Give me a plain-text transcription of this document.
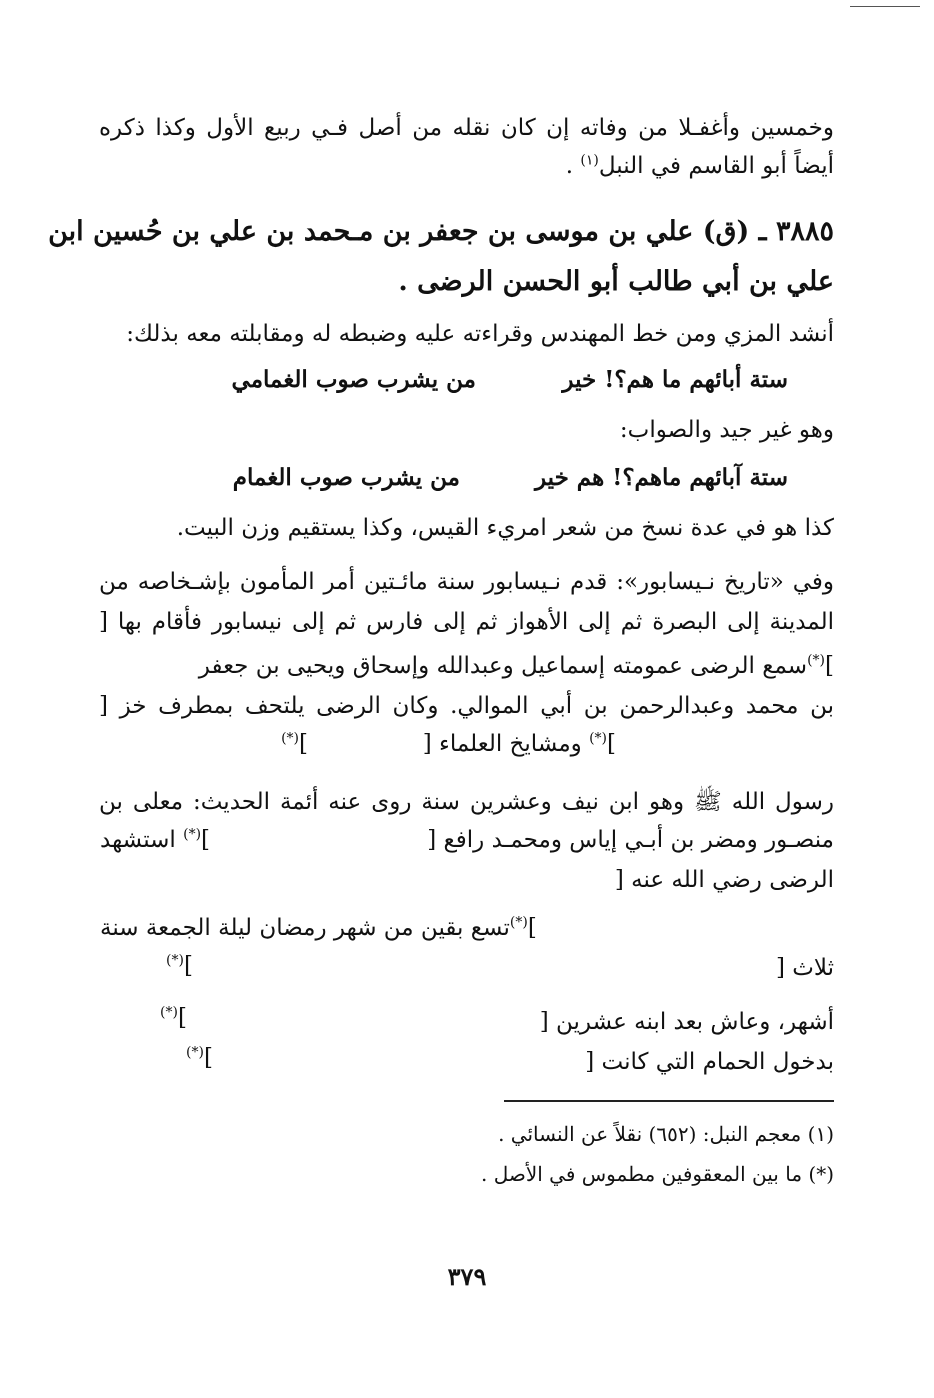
وخمسين وأغفـلا من وفاته إن كان نقله من أصل فـي ربيع الأول وكذا ذكره
أيضاً أبو القاسم في النبل$^{(١)}$ .
٣٨٨٥ ـ (ق) علي بن موسى بن جعفر بن مـحمد بن علي بن حُسين ابن
علي بن أبي طالب أبو الحسن الرضى .
أنشد المزي ومن خط المهندس وقراءته عليه وضبطه له ومقابلته معه بذلك:
ستة أبائهم ما هم؟! خير
من يشرب صوب الغمامي
وهو غير جيد والصواب:
ستة آبائهم ماهم؟! هم خير
من يشرب صوب الغمام
كذا هو في عدة نسخ من شعر امريء القيس، وكذا يستقيم وزن البيت.
وفي «تاريخ نـيسابور»: قدم نـيسابور سنة مائـتين أمر المأمون بإشـخاصه من
المدينة إلى البصرة ثم إلى الأهواز ثم إلى فارس ثم إلى نيسابور فأقام بها [
](*)سمع الرضى عمومته إسماعيل وعبدالله وإسحاق ويحيى بن جعفر
بن محمد وعبدالرحمن بن أبي الموالي. وكان الرضى يلتحف بمطرف خز [
](*) ومشايخ العلماء [
](*)
رسول الله ﷺ وهو ابن نيف وعشرين سنة روى عنه أئمة الحديث: معلى بن
منصـور ومضر بن أبـي إياس ومحمـد رافع [
](*) استشهد
الرضى رضي الله عنه [
](*)تسع بقين من شهر رمضان ليلة الجمعة سنة
ثلاث [
](*)
أشهر، وعاش بعد ابنه عشرين [
](*)
بدخول الحمام التي كانت [
](*)
(١) معجم النبل: (٦٥٢) نقلاً عن النسائي .
(*) ما بين المعقوفين مطموس في الأصل .
٣٧٩
